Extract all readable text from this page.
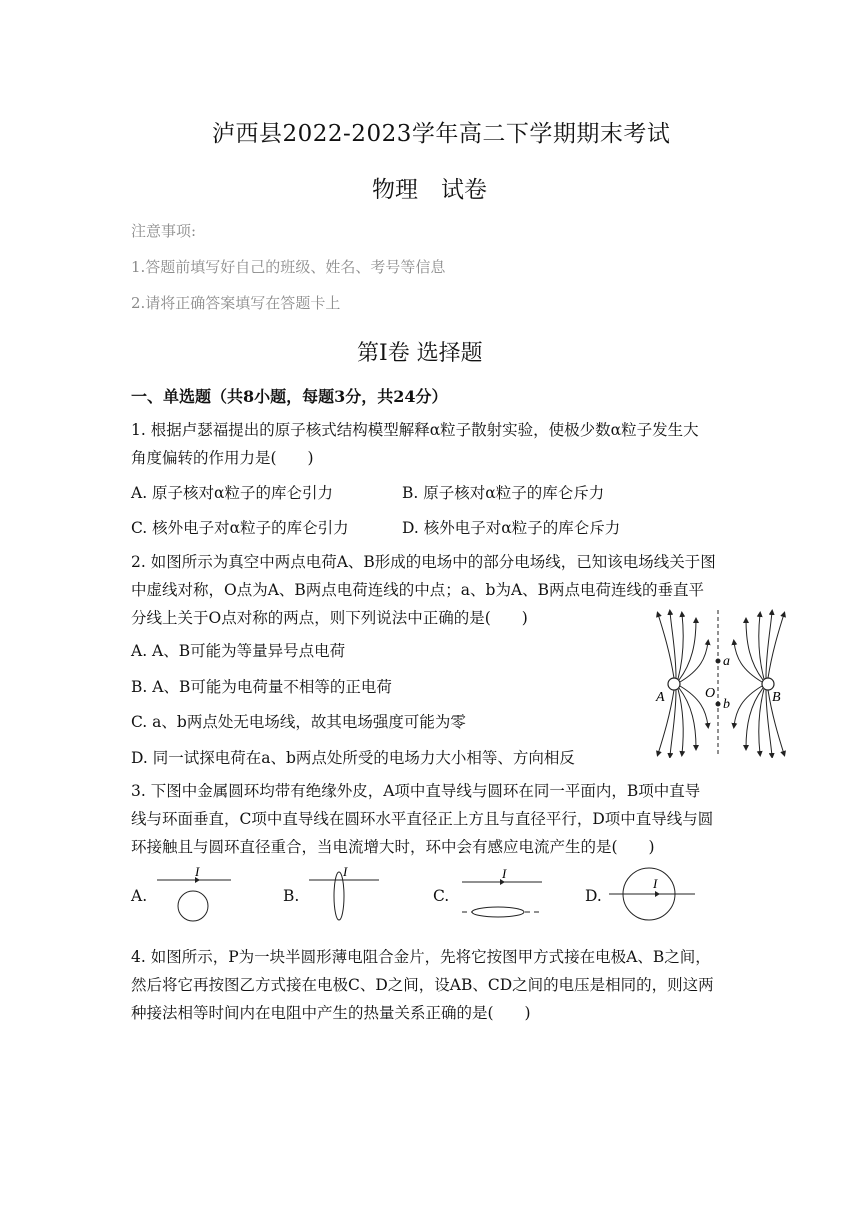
泸西县2022-2023学年高二下学期期末考试
物理　试卷
注意事项:
1.答题前填写好自己的班级、姓名、考号等信息
2.请将正确答案填写在答题卡上
第Ⅰ卷 选择题
一、单选题（共8小题，每题3分，共24分）

1. 根据卢瑟福提出的原子核式结构模型解释α粒子散射实验，使极少数α粒子发生大

角度偏转的作用力是(　　)

A. 原子核对α粒子的库仑引力	B. 原子核对α粒子的库仑斥力
C. 核外电子对α粒子的库仑引力	D. 核外电子对α粒子的库仑斥力

2. 如图所示为真空中两点电荷A、B形成的电场中的部分电场线，已知该电场线关于图

中虚线对称，O点为A、B两点电荷连线的中点；a、b为A、B两点电荷连线的垂直平

分线上关于O点对称的两点，则下列说法中正确的是(　　)

A. A、B可能为等量异号点电荷
B. A、B可能为电荷量不相等的正电荷
C. a、b两点处无电场线，故其电场强度可能为零
D. 同一试探电荷在a、b两点处所受的电场力大小相等、方向相反
a
b
O
A	B

3. 下图中金属圆环均带有绝缘外皮，A项中直导线与圆环在同一平面内，B项中直导

线与环面垂直，C项中直导线在圆环水平直径正上方且与直径平行，D项中直导线与圆

环接触且与圆环直径重合，当电流增大时，环中会有感应电流产生的是(　　)

A.
I
B.
I
C.
I
D.
I

4. 如图所示，P为一块半圆形薄电阻合金片，先将它按图甲方式接在电极A、B之间，

然后将它再按图乙方式接在电极C、D之间，设AB、CD之间的电压是相同的，则这两

种接法相等时间内在电阻中产生的热量关系正确的是(　　)
